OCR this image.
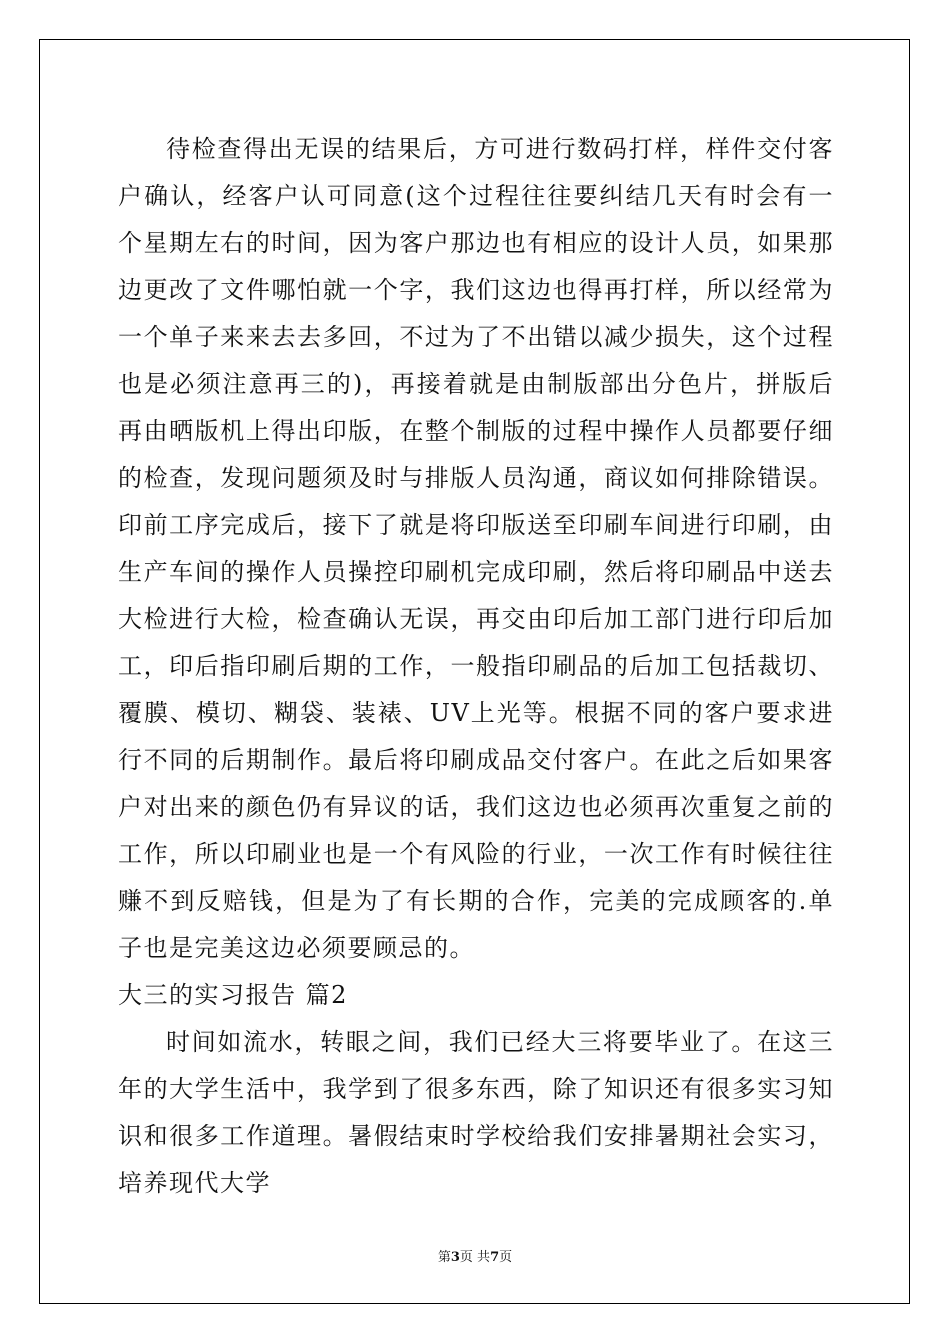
待检查得出无误的结果后，方可进行数码打样，样件交付客户确认，经客户认可同意(这个过程往往要纠结几天有时会有一个星期左右的时间，因为客户那边也有相应的设计人员，如果那边更改了文件哪怕就一个字，我们这边也得再打样，所以经常为一个单子来来去去多回，不过为了不出错以减少损失，这个过程也是必须注意再三的)，再接着就是由制版部出分色片，拼版后再由晒版机上得出印版，在整个制版的过程中操作人员都要仔细的检查，发现问题须及时与排版人员沟通，商议如何排除错误。印前工序完成后，接下了就是将印版送至印刷车间进行印刷，由生产车间的操作人员操控印刷机完成印刷，然后将印刷品中送去大检进行大检，检查确认无误，再交由印后加工部门进行印后加工，印后指印刷后期的工作，一般指印刷品的后加工包括裁切、覆膜、模切、糊袋、装裱、UV上光等。根据不同的客户要求进行不同的后期制作。最后将印刷成品交付客户。在此之后如果客户对出来的颜色仍有异议的话，我们这边也必须再次重复之前的工作，所以印刷业也是一个有风险的行业，一次工作有时候往往赚不到反赔钱，但是为了有长期的合作，完美的完成顾客的.单子也是完美这边必须要顾忌的。

大三的实习报告 篇2

时间如流水，转眼之间，我们已经大三将要毕业了。在这三年的大学生活中，我学到了很多东西，除了知识还有很多实习知识和很多工作道理。暑假结束时学校给我们安排暑期社会实习，培养现代大学

第3页 共7页
